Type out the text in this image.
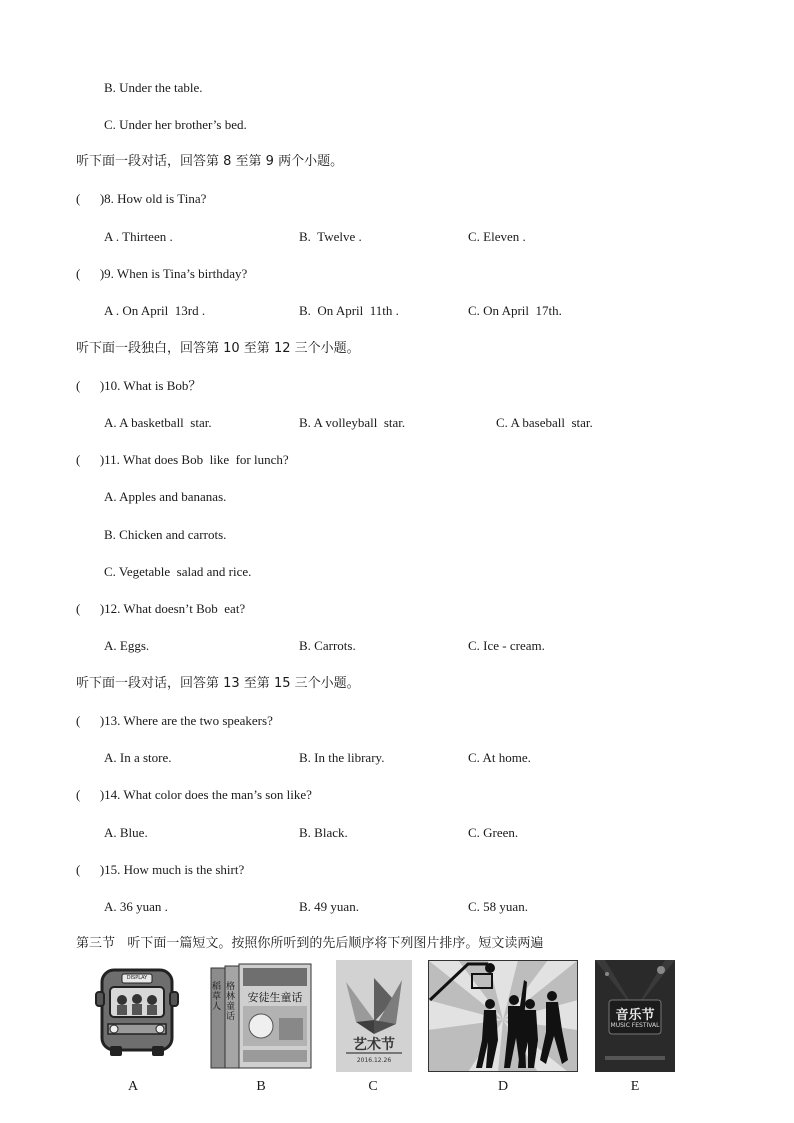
B. Under the table.
C. Under her brother’s bed.
听下面一段对话，回答第 8 至第 9 两个小题。
(      )8. How old is Tina?
A . Thirteen .	B.  Twelve .	C. Eleven .
(      )9. When is Tina’s birthday?
A . On April  13rd .	B.  On April  11th .	C. On April  17th.
听下面一段独白，回答第 10 至第 12 三个小题。
(      )10. What is Bob？
A. A basketball  star.	B. A volleyball  star.	C. A baseball  star.
(      )11. What does Bob  like  for lunch?
A. Apples and bananas.
B. Chicken and carrots.
C. Vegetable  salad and rice.
(      )12. What doesn’t Bob  eat?
A. Eggs.	B. Carrots.	C. Ice - cream.
听下面一段对话，回答第 13 至第 15 三个小题。
(      )13. Where are the two speakers?
A. In a store.	B. In the library.	C. At home.
(      )14. What color does the man’s son like?
A. Blue.	B. Black.	C. Green.
(      )15. How much is the shirt?
A. 36 yuan .	B. 49 yuan.	C. 58 yuan.
第三节   听下面一篇短文。按照你所听到的先后顺序将下列图片排序。短文读两遍
DISPLAY
A
安徒生童话
稻草人
格林童话
B
艺术节
2016.12.26
C	D
音乐节
MUSIC FESTIVAL
E
